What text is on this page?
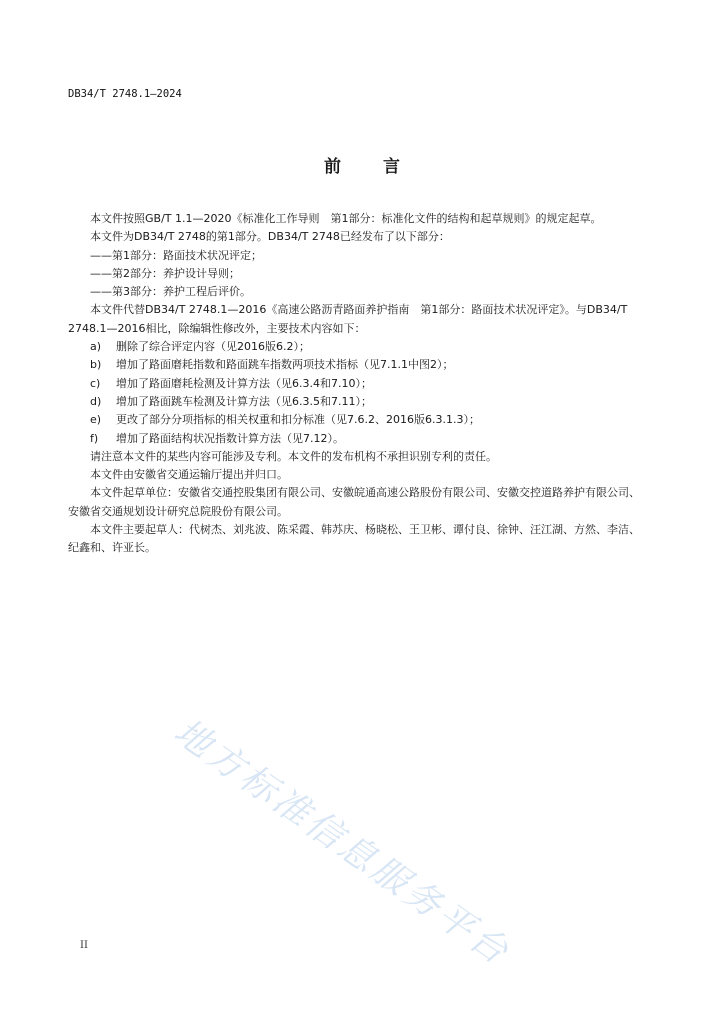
DB34/T 2748.1—2024
前 言

本文件按照GB/T 1.1—2020《标准化工作导则　第1部分：标准化文件的结构和起草规则》的规定起草。

本文件为DB34/T 2748的第1部分。DB34/T 2748已经发布了以下部分：

——第1部分：路面技术状况评定；

——第2部分：养护设计导则；

——第3部分：养护工程后评价。

本文件代替DB34/T 2748.1—2016《高速公路沥青路面养护指南　第1部分：路面技术状况评定》。与DB34/T 2748.1—2016相比，除编辑性修改外，主要技术内容如下：

a)	删除了综合评定内容（见2016版6.2）；
b)	增加了路面磨耗指数和路面跳车指数两项技术指标（见7.1.1中图2）；
c)	增加了路面磨耗检测及计算方法（见6.3.4和7.10）；
d)	增加了路面跳车检测及计算方法（见6.3.5和7.11）；
e)	更改了部分分项指标的相关权重和扣分标准（见7.6.2、2016版6.3.1.3）；
f)	增加了路面结构状况指数计算方法（见7.12）。

请注意本文件的某些内容可能涉及专利。本文件的发布机构不承担识别专利的责任。

本文件由安徽省交通运输厅提出并归口。

本文件起草单位：安徽省交通控股集团有限公司、安徽皖通高速公路股份有限公司、安徽交控道路养护有限公司、安徽省交通规划设计研究总院股份有限公司。

本文件主要起草人：代树杰、刘兆波、陈采霞、韩苏庆、杨晓松、王卫彬、谭付良、徐钟、汪江湖、方然、李洁、纪鑫和、许亚长。

地方标准信息服务平台
II
